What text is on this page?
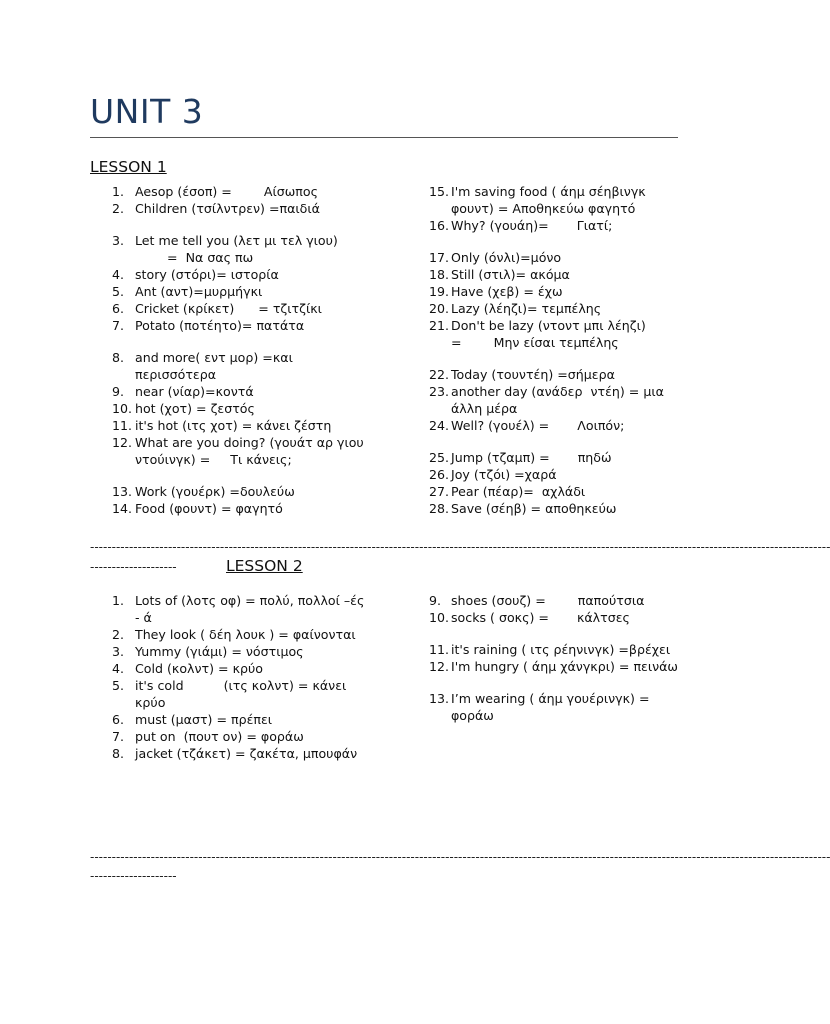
UNIT 3
LESSON 1
1. Aesop (έσοπ) =        Αίσωπος
2. Children (τσίλντρεν) =παιδιά
3. Let me tell you (λετ μι τελ γιου)
=  Να σας πω
4. story (στόρι)= ιστορία
5. Ant (αντ)=μυρμήγκι
6. Cricket (κρίκετ)      = τζιτζίκι
7. Potato (ποτέητο)= πατάτα
8. and more( εντ μορ) =και περισσότερα
9. near (νίαρ)=κοντά
10. hot (χοτ) = ζεστός
11. it's hot (ιτς χοτ) = κάνει ζέστη
12. What are you doing? (γουάτ αρ γιου ντούινγκ) =     Τι κάνεις;
13. Work (γουέρκ) =δουλεύω
14. Food (φουντ) = φαγητό
15. I'm saving food ( άημ σέηβινγκ φουντ) = Αποθηκεύω φαγητό
16. Why? (γουάη)=       Γιατί;
17. Only (όνλι)=μόνο
18. Still (στιλ)= ακόμα
19. Have (χεβ) = έχω
20. Lazy (λέηζι)= τεμπέλης
21. Don't be lazy (ντοντ μπι λέηζι)
=        Μην είσαι τεμπέλης
22. Today (τουντέη) =σήμερα
23. another day (ανάδερ  ντέη) = μια άλλη μέρα
24. Well? (γουέλ) =       Λοιπόν;
25. Jump (τζαμπ) =       πηδώ
26. Joy (τζόι) =χαρά
27. Pear (πέαρ)=  αχλάδι
28. Save (σέηβ) = αποθηκεύω
---------------------------------------------------------------------------------------------------------------------------------------------------------------------------
--------------------	LESSON 2
1. Lots of (λοτς οφ) = πολύ, πολλοί –ές - ά
2. They look ( δέη λουκ ) = φαίνονται
3. Yummy (γιάμι) = νόστιμος
4. Cold (κολντ) = κρύο
5. it's cold          (ιτς κολντ) = κάνει κρύο
6. must (μαστ) = πρέπει
7. put on  (πουτ ον) = φοράω
8. jacket (τζάκετ) = ζακέτα, μπουφάν
9. shoes (σουζ) =        παπούτσια
10. socks ( σοκς) =       κάλτσες
11. it's raining ( ιτς ρέηνινγκ) =βρέχει
12. I'm hungry ( άημ χάνγκρι) = πεινάω
13. I’m wearing ( άημ γουέρινγκ) = φοράω
---------------------------------------------------------------------------------------------------------------------------------------------------------------------------
--------------------
